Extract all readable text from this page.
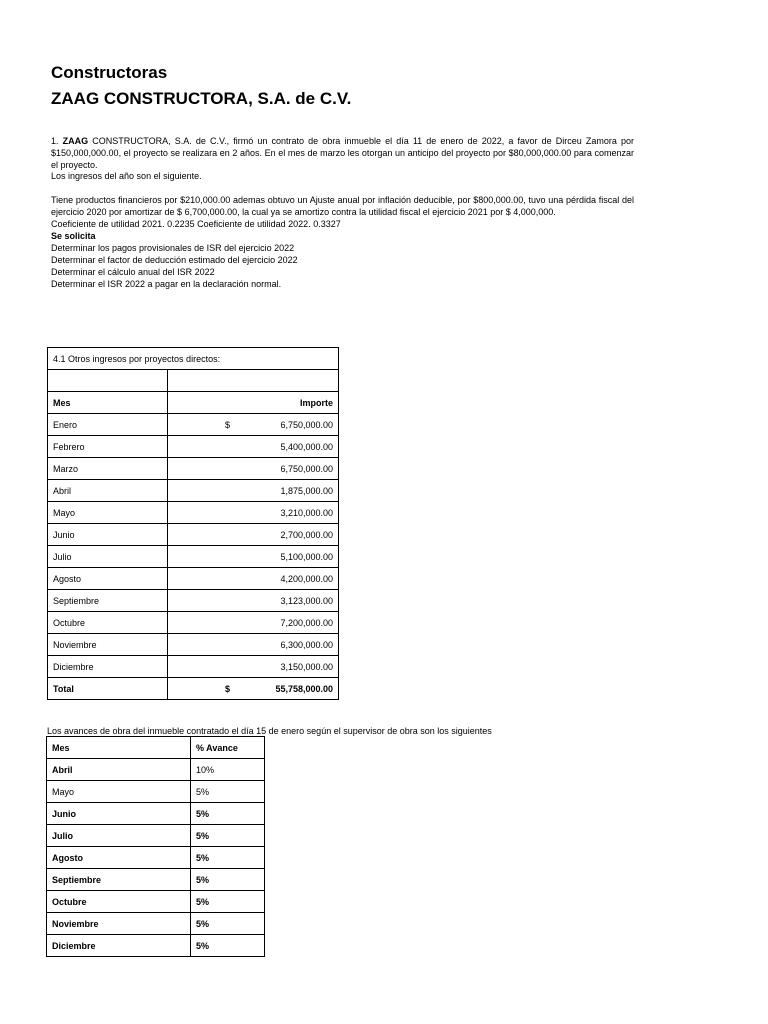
Constructoras
ZAAG CONSTRUCTORA, S.A. de C.V.

1. ZAAG CONSTRUCTORA, S.A. de C.V., firmó un contrato de obra inmueble el día 11 de enero de 2022, a favor de Dirceu Zamora por $150,000,000.00, el proyecto se realizara en 2 años. En el mes de marzo les otorgan un anticipo del proyecto por $80,000,000.00 para comenzar el proyecto.

Los ingresos del año son el siguiente.

Tiene productos financieros por $210,000.00 ademas obtuvo un Ajuste anual por inflación deducible, por $800,000.00, tuvo una pérdida fiscal del ejercicio 2020 por amortizar de $ 6,700,000.00, la cual ya se amortizo contra la utilidad fiscal el ejercicio 2021 por $ 4,000,000.

Coeficiente de utilidad 2021. 0.2235 Coeficiente de utilidad 2022. 0.3327

Se solicita

Determinar los pagos provisionales de ISR del ejercicio 2022

Determinar el factor de deducción estimado del ejercicio 2022

Determinar el cálculo anual del ISR 2022

Determinar el ISR 2022 a pagar en la declaración normal.

4.1 Otros ingresos por proyectos directos:	

Mes	Importe
Enero	$ 6,750,000.00

Febrero	5,400,000.00
Marzo	6,750,000.00
Abril	1,875,000.00
Mayo	3,210,000.00
Junio	2,700,000.00
Julio	5,100,000.00
Agosto	4,200,000.00
Septiembre	3,123,000.00
Octubre	7,200,000.00
Noviembre	6,300,000.00
Diciembre	3,150,000.00
Total	$ 55,758,000.00

Los avances de obra del inmueble contratado el día 15 de enero según el supervisor de obra son los siguientes

Mes	% Avance
Abril	10%
Mayo	5%
Junio	5%
Julio	5%
Agosto	5%
Septiembre	5%
Octubre	5%
Noviembre	5%
Diciembre	5%
